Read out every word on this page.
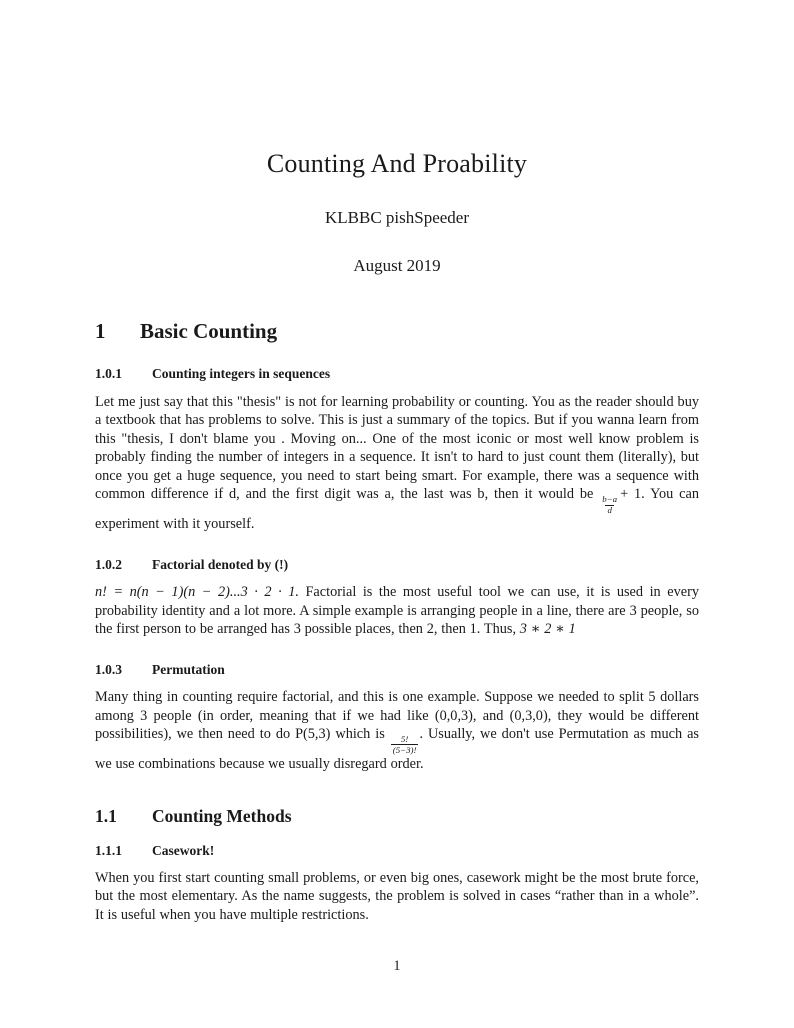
Counting And Proability
KLBBC pishSpeeder
August 2019
1	Basic Counting
1.0.1	Counting integers in sequences

Let me just say that this "thesis" is not for learning probability or counting. You as the reader should buy a textbook that has problems to solve. This is just a summary of the topics. But if you wanna learn from this "thesis, I don't blame you . Moving on... One of the most iconic or most well know problem is probably finding the number of integers in a sequence. It isn't to hard to just count them (literally), but once you get a huge sequence, you need to start being smart. For example, there was a sequence with common difference if d, and the first digit was a, the last was b, then it would be
$\frac{b-a}{d}$
+ 1. You can experiment with it yourself.

1.0.2	Factorial denoted by (!)

n! = n(n − 1)(n − 2)...3 · 2 · 1. Factorial is the most useful tool we can use, it is used in every probability identity and a lot more. A simple example is arranging people in a line, there are 3 people, so the first person to be arranged has 3 possible places, then 2, then 1. Thus, 3 ∗ 2 ∗ 1

1.0.3	Permutation

Many thing in counting require factorial, and this is one example. Suppose we needed to split 5 dollars among 3 people (in order, meaning that if we had like (0,0,3), and (0,3,0), they would be different possibilities), we then need to do P(5,3) which is
$\frac{5!}{(5-3)!}$
. Usually, we don't use Permutation as much as we use combinations because we usually disregard order.

1.1	Counting Methods
1.1.1	Casework!

When you first start counting small problems, or even big ones, casework might be the most brute force, but the most elementary. As the name suggests, the problem is solved in cases “rather than in a whole”. It is useful when you have multiple restrictions.

1
